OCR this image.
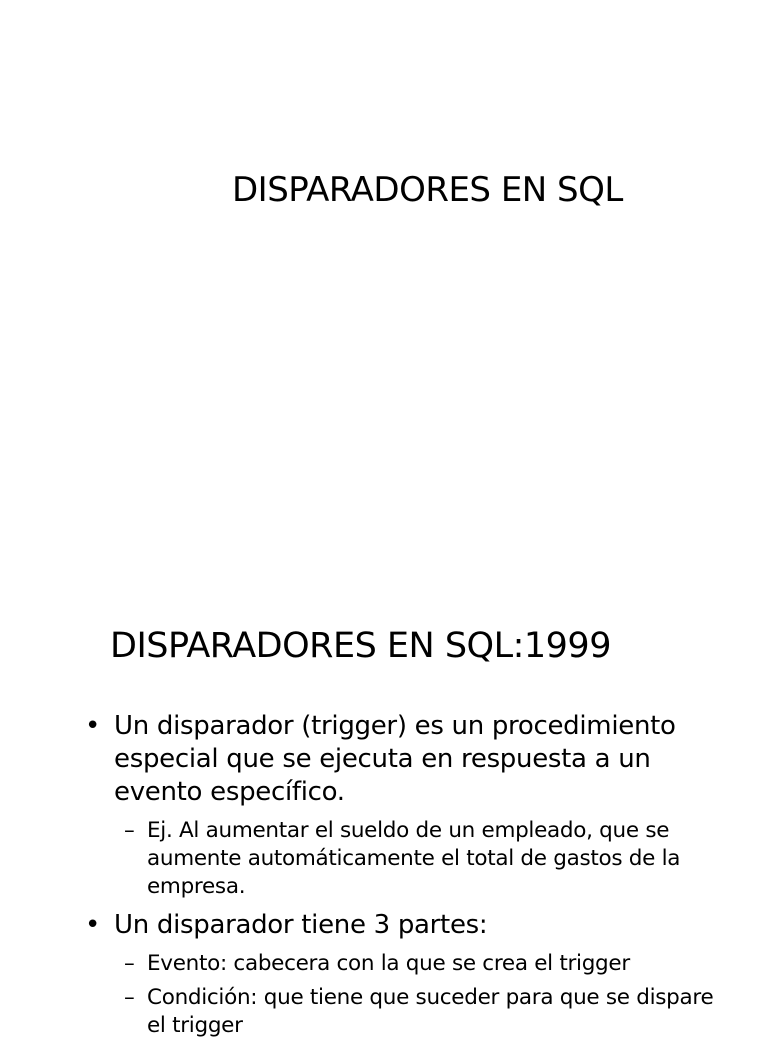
DISPARADORES EN SQL
DISPARADORES EN SQL:1999
• Un disparador (trigger) es un procedimiento especial que se ejecuta en respuesta a un evento específico.
– Ej. Al aumentar el sueldo de un empleado, que se aumente automáticamente el total de gastos de la empresa.
• Un disparador tiene 3 partes:
– Evento: cabecera con la que se crea el trigger
– Condición: que tiene que suceder para que se dispare el trigger
